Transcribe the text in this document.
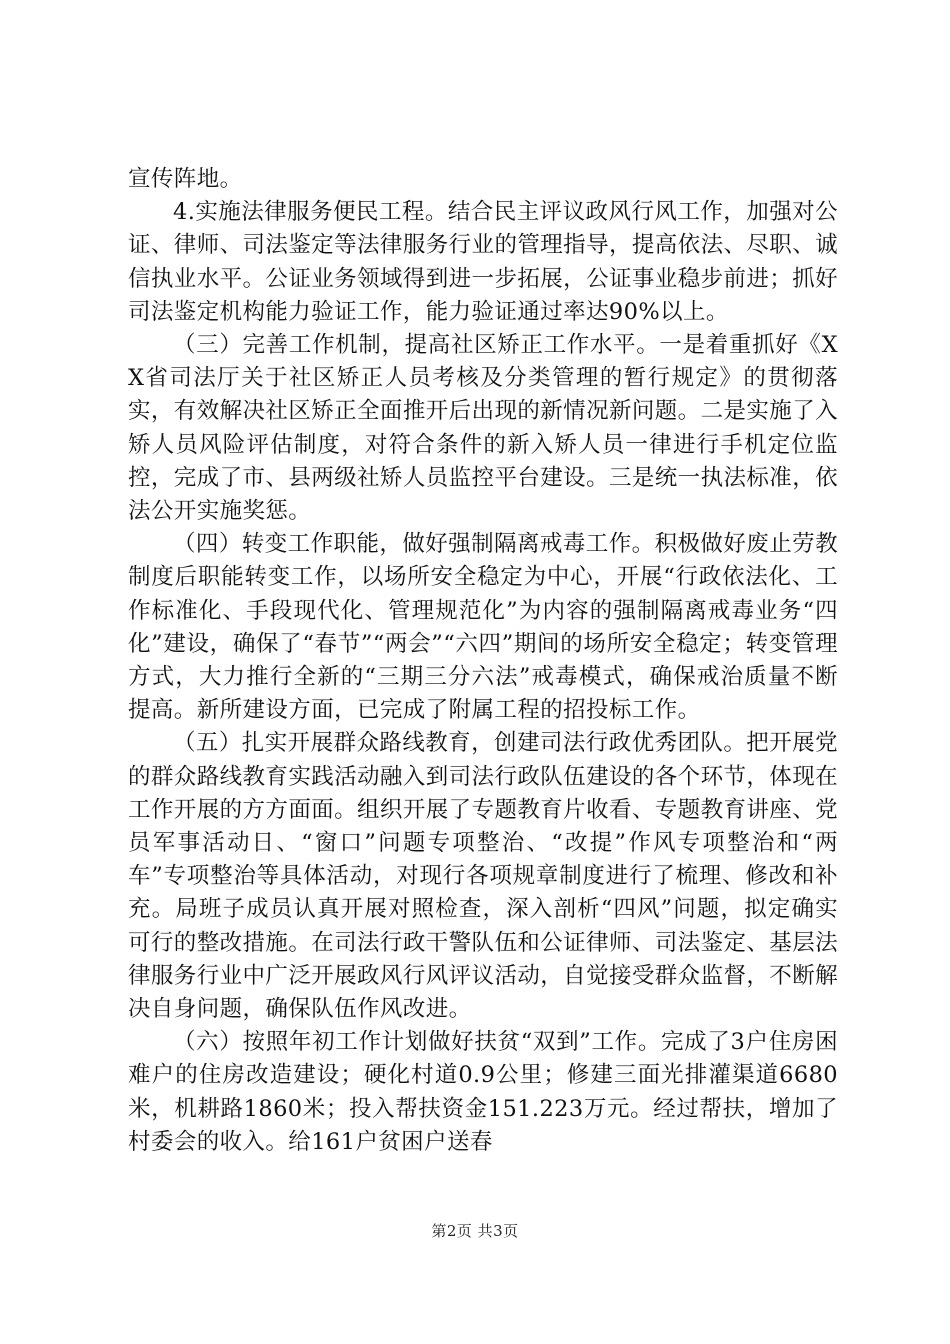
宣传阵地。

4.实施法律服务便民工程。结合民主评议政风行风工作，加强对公证、律师、司法鉴定等法律服务行业的管理指导，提高依法、尽职、诚信执业水平。公证业务领域得到进一步拓展，公证事业稳步前进；抓好司法鉴定机构能力验证工作，能力验证通过率达90%以上。

（三）完善工作机制，提高社区矫正工作水平。一是着重抓好《XX省司法厅关于社区矫正人员考核及分类管理的暂行规定》的贯彻落实，有效解决社区矫正全面推开后出现的新情况新问题。二是实施了入矫人员风险评估制度，对符合条件的新入矫人员一律进行手机定位监控，完成了市、县两级社矫人员监控平台建设。三是统一执法标准，依法公开实施奖惩。

（四）转变工作职能，做好强制隔离戒毒工作。积极做好废止劳教制度后职能转变工作，以场所安全稳定为中心，开展“行政依法化、工作标准化、手段现代化、管理规范化”为内容的强制隔离戒毒业务“四化”建设，确保了“春节”“两会”“六四”期间的场所安全稳定；转变管理方式，大力推行全新的“三期三分六法”戒毒模式，确保戒治质量不断提高。新所建设方面，已完成了附属工程的招投标工作。

（五）扎实开展群众路线教育，创建司法行政优秀团队。把开展党的群众路线教育实践活动融入到司法行政队伍建设的各个环节，体现在工作开展的方方面面。组织开展了专题教育片收看、专题教育讲座、党员军事活动日、“窗口”问题专项整治、“改提”作风专项整治和“两车”专项整治等具体活动，对现行各项规章制度进行了梳理、修改和补充。局班子成员认真开展对照检查，深入剖析“四风”问题，拟定确实可行的整改措施。在司法行政干警队伍和公证律师、司法鉴定、基层法律服务行业中广泛开展政风行风评议活动，自觉接受群众监督，不断解决自身问题，确保队伍作风改进。

（六）按照年初工作计划做好扶贫“双到”工作。完成了3户住房困难户的住房改造建设；硬化村道0.9公里；修建三面光排灌渠道6680米，机耕路1860米；投入帮扶资金151.223万元。经过帮扶，增加了村委会的收入。给161户贫困户送春

第2页 共3页
